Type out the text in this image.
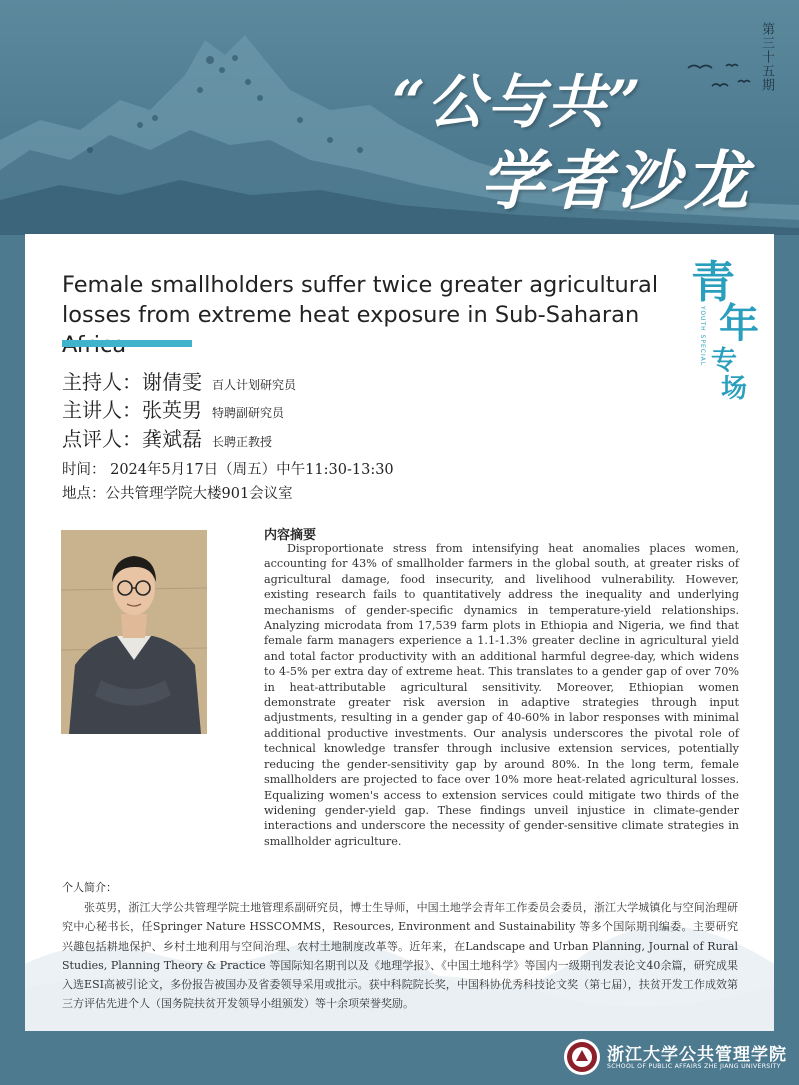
第三十五期
“公与共”
学者沙龙
Female smallholders suffer twice greater agricultural losses from extreme heat exposure in Sub-Saharan
青
年
YOUTH SPECIAL 专
场
主持人：谢倩雯 百人计划研究员
主讲人：张英男 特聘副研究员
点评人：龚斌磊 长聘正教授
时间： 2024年5月17日（周五）中午11:30-13:30
地点：公共管理学院大楼901会议室
内容摘要

Disproportionate stress from intensifying heat anomalies places women, accounting for 43% of smallholder farmers in the global south, at greater risks of agricultural damage, food insecurity, and livelihood vulnerability. However, existing research fails to quantitatively address the inequality and underlying mechanisms of gender-specific dynamics in temperature-yield relationships. Analyzing microdata from 17,539 farm plots in Ethiopia and Nigeria, we find that female farm managers experience a 1.1-1.3% greater decline in agricultural yield and total factor productivity with an additional harmful degree-day, which widens to 4-5% per extra day of extreme heat. This translates to a gender gap of over 70% in heat-attributable agricultural sensitivity. Moreover, Ethiopian women demonstrate greater risk aversion in adaptive strategies through input adjustments, resulting in a gender gap of 40-60% in labor responses with minimal additional productive investments. Our analysis underscores the pivotal role of technical knowledge transfer through inclusive extension services, potentially reducing the gender-sensitivity gap by around 80%. In the long term, female smallholders are projected to face over 10% more heat-related agricultural losses. Equalizing women's access to extension services could mitigate two thirds of the widening gender-yield gap. These findings unveil injustice in climate-gender interactions and underscore the necessity of gender-sensitive climate strategies in smallholder agriculture.

个人简介：

张英男，浙江大学公共管理学院土地管理系副研究员，博士生导师，中国土地学会青年工作委员会委员，浙江大学城镇化与空间治理研究中心秘书长，任Springer Nature HSSCOMMS，Resources, Environment and Sustainability 等多个国际期刊编委。主要研究兴趣包括耕地保护、乡村土地利用与空间治理、农村土地制度改革等。近年来，在Landscape and Urban Planning, Journal of Rural Studies, Planning Theory & Practice 等国际知名期刊以及《地理学报》、《中国土地科学》等国内一级期刊发表论文40余篇，研究成果入选ESI高被引论文，多份报告被国办及省委领导采用或批示。获中科院院长奖，中国科协优秀科技论文奖（第七届），扶贫开发工作成效第三方评估先进个人（国务院扶贫开发领导小组颁发）等十余项荣誉奖励。

浙江大学公共管理学院
SCHOOL OF PUBLIC AFFAIRS ZHE JIANG UNIVERSITY
